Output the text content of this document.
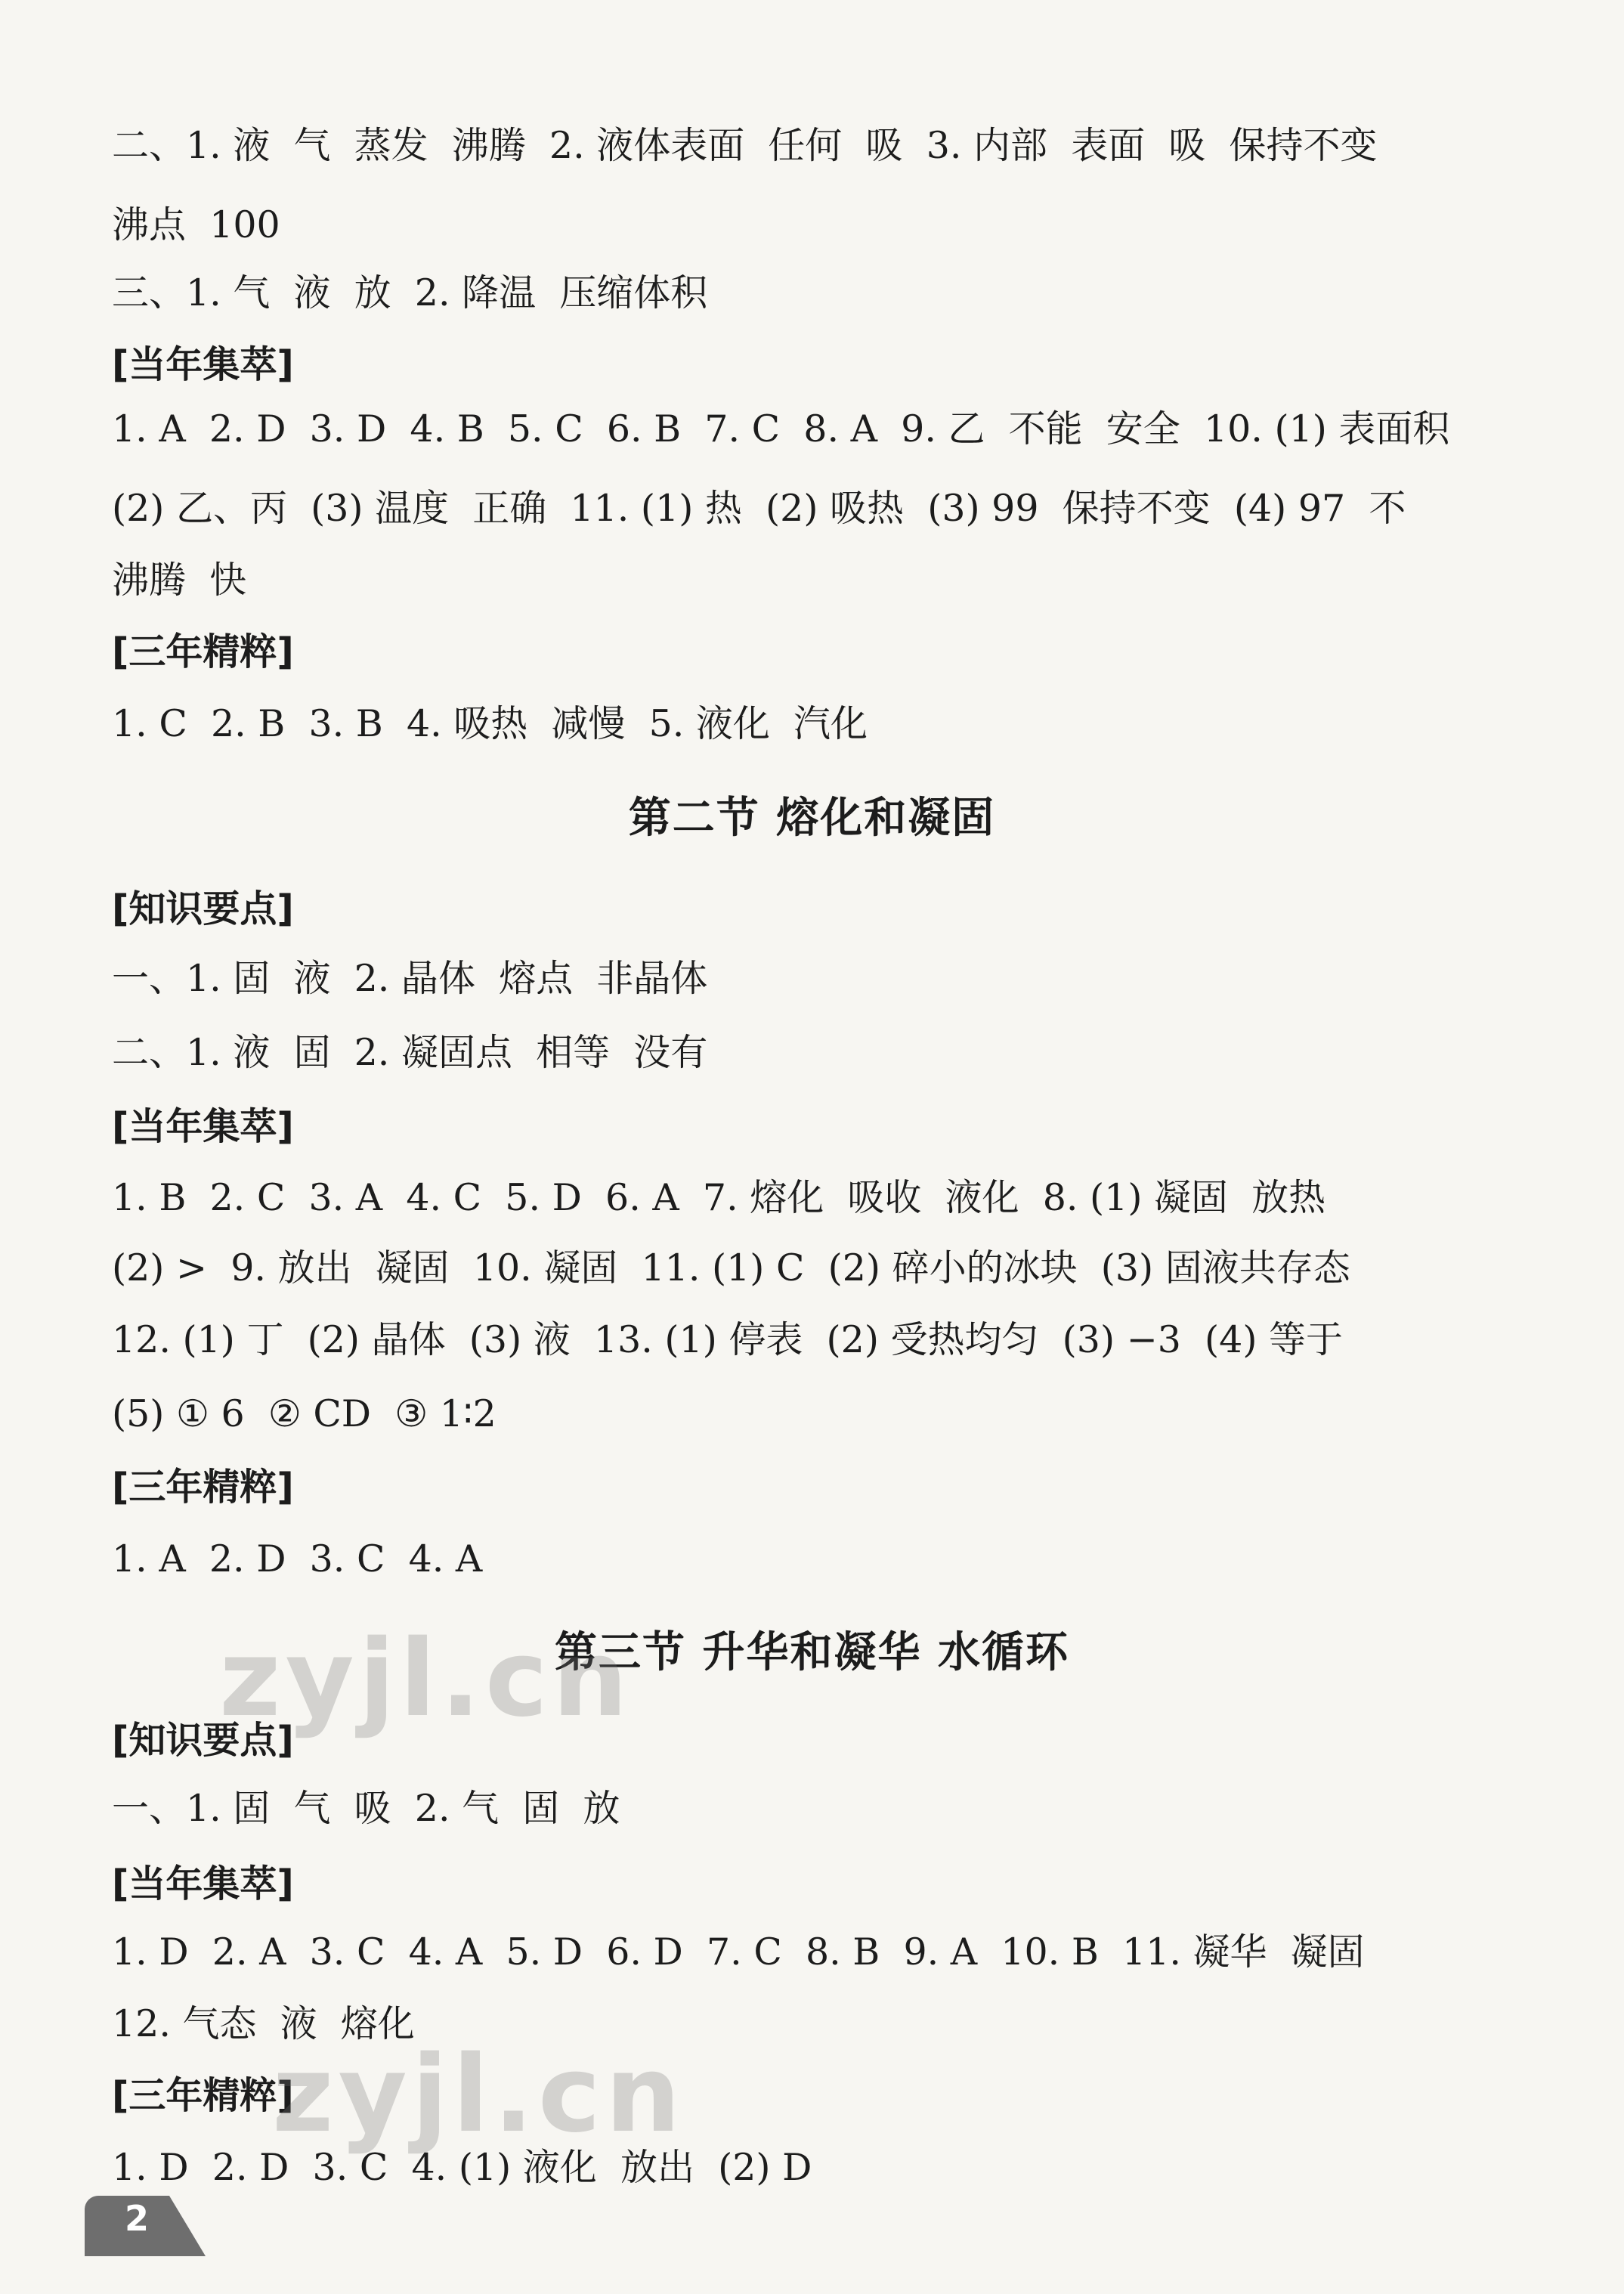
二、1. 液  气  蒸发  沸腾  2. 液体表面  任何  吸  3. 内部  表面  吸  保持不变
沸点  100
三、1. 气  液  放  2. 降温  压缩体积
[当年集萃]
1. A  2. D  3. D  4. B  5. C  6. B  7. C  8. A  9. 乙  不能  安全  10. (1) 表面积
(2) 乙、丙  (3) 温度  正确  11. (1) 热  (2) 吸热  (3) 99  保持不变  (4) 97  不
沸腾  快
[三年精粹]
1. C  2. B  3. B  4. 吸热  减慢  5. 液化  汽化
第二节 熔化和凝固
[知识要点]
一、1. 固  液  2. 晶体  熔点  非晶体
二、1. 液  固  2. 凝固点  相等  没有
[当年集萃]
1. B  2. C  3. A  4. C  5. D  6. A  7. 熔化  吸收  液化  8. (1) 凝固  放热
(2) >  9. 放出  凝固  10. 凝固  11. (1) C  (2) 碎小的冰块  (3) 固液共存态
12. (1) 丁  (2) 晶体  (3) 液  13. (1) 停表  (2) 受热均匀  (3) −3  (4) 等于
(5) ① 6  ② CD  ③ 1∶2
[三年精粹]
1. A  2. D  3. C  4. A
第三节 升华和凝华 水循环
zyjl.cn
[知识要点]
一、1. 固  气  吸  2. 气  固  放
[当年集萃]
1. D  2. A  3. C  4. A  5. D  6. D  7. C  8. B  9. A  10. B  11. 凝华  凝固
12. 气态  液  熔化
[三年精粹]
zyjl.cn
1. D  2. D  3. C  4. (1) 液化  放出  (2) D
2
